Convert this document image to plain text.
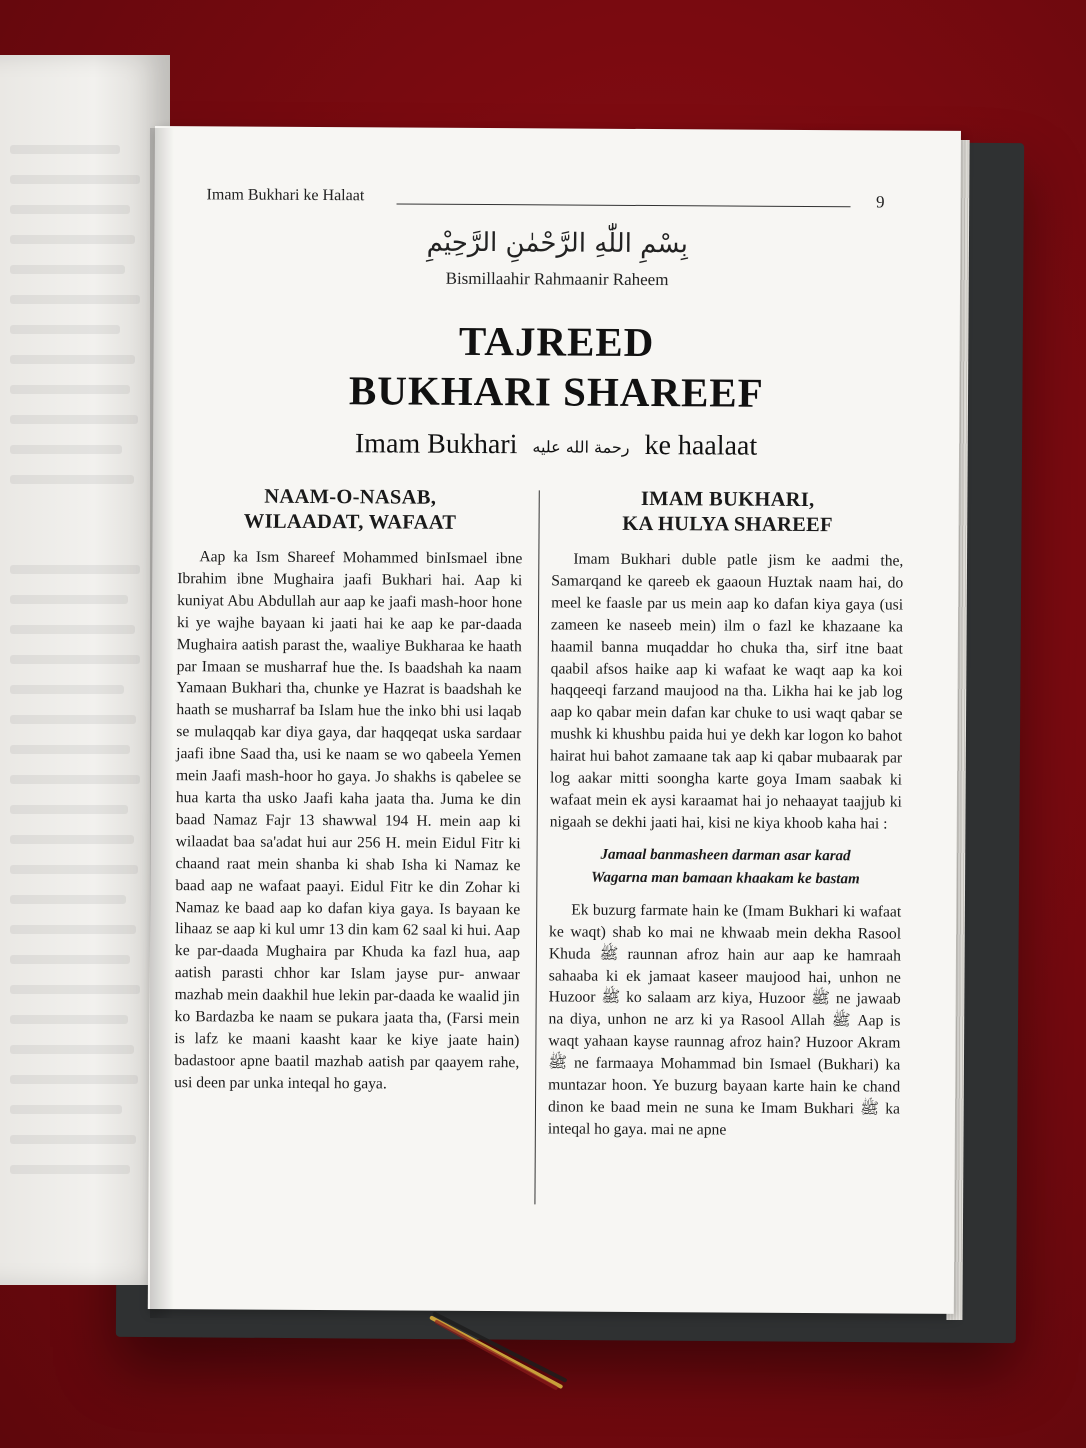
Imam Bukhari ke Halaat	9
بِسْمِ اللّٰهِ الرَّحْمٰنِ الرَّحِيْمِ
Bismillaahir Rahmaanir Raheem
TAJREED
BUKHARI SHAREEF
Imam Bukhari رحمة الله عليه ke haalaat
NAAM-O-NASAB,
WILAADAT, WAFAAT

Aap ka Ism Shareef Mohammed binIsmael ibne Ibrahim ibne Mughaira jaafi Bukhari hai. Aap ki kuniyat Abu Abdullah aur aap ke jaafi mash-hoor hone ki ye wajhe bayaan ki jaati hai ke aap ke par-daada Mughaira aatish parast the, waaliye Bukharaa ke haath par Imaan se musharraf hue the. Is baadshah ka naam Yamaan Bukhari tha, chunke ye Hazrat is baadshah ke haath se musharraf ba Islam hue the inko bhi usi laqab se mulaqqab kar diya gaya, dar haqqeqat uska sardaar jaafi ibne Saad tha, usi ke naam se wo qabeela Yemen mein Jaafi mash-hoor ho gaya. Jo shakhs is qabelee se hua karta tha usko Jaafi kaha jaata tha. Juma ke din baad Namaz Fajr 13 shawwal 194 H. mein aap ki wilaadat baa sa'adat hui aur 256 H. mein Eidul Fitr ki chaand raat mein shanba ki shab Isha ki Namaz ke baad aap ne wafaat paayi. Eidul Fitr ke din Zohar ki Namaz ke baad aap ko dafan kiya gaya. Is bayaan ke lihaaz se aap ki kul umr 13 din kam 62 saal ki hui. Aap ke par-daada Mughaira par Khuda ka fazl hua, aap aatish parasti chhor kar Islam jayse pur- anwaar mazhab mein daakhil hue lekin par-daada ke waalid jin ko Bardazba ke naam se pukara jaata tha, (Farsi mein is lafz ke maani kaasht kaar ke kiye jaate hain) badastoor apne baatil mazhab aatish par qaayem rahe, usi deen par unka inteqal ho gaya.

IMAM BUKHARI,
KA HULYA SHAREEF

Imam Bukhari duble patle jism ke aadmi the, Samarqand ke qareeb ek gaaoun Huztak naam hai, do meel ke faasle par us mein aap ko dafan kiya gaya (usi zameen ke naseeb mein) ilm o fazl ke khazaane ka haamil banna muqaddar ho chuka tha, sirf itne baat qaabil afsos haike aap ki wafaat ke waqt aap ka koi haqqeeqi farzand maujood na tha. Likha hai ke jab log aap ko qabar mein dafan kar chuke to usi waqt qabar se mushk ki khushbu paida hui ye dekh kar logon ko bahot hairat hui bahot zamaane tak aap ki qabar mubaarak par log aakar mitti soongha karte goya Imam saabak ki wafaat mein ek aysi karaamat hai jo nehaayat taajjub ki nigaah se dekhi jaati hai, kisi ne kiya khoob kaha hai :

Jamaal banmasheen darman asar karad
Wagarna man bamaan khaakam ke bastam

Ek buzurg farmate hain ke (Imam Bukhari ki wafaat ke waqt) shab ko mai ne khwaab mein dekha Rasool Khuda ﷺ raunnan afroz hain aur aap ke hamraah sahaaba ki ek jamaat kaseer maujood hai, unhon ne Huzoor ﷺ ko salaam arz kiya, Huzoor ﷺ ne jawaab na diya, unhon ne arz ki ya Rasool Allah ﷺ Aap is waqt yahaan kayse raunnag afroz hain? Huzoor Akram ﷺ ne farmaaya Mohammad bin Ismael (Bukhari) ka muntazar hoon. Ye buzurg bayaan karte hain ke chand dinon ke baad mein ne suna ke Imam Bukhari ﷺ ka inteqal ho gaya. mai ne apne
